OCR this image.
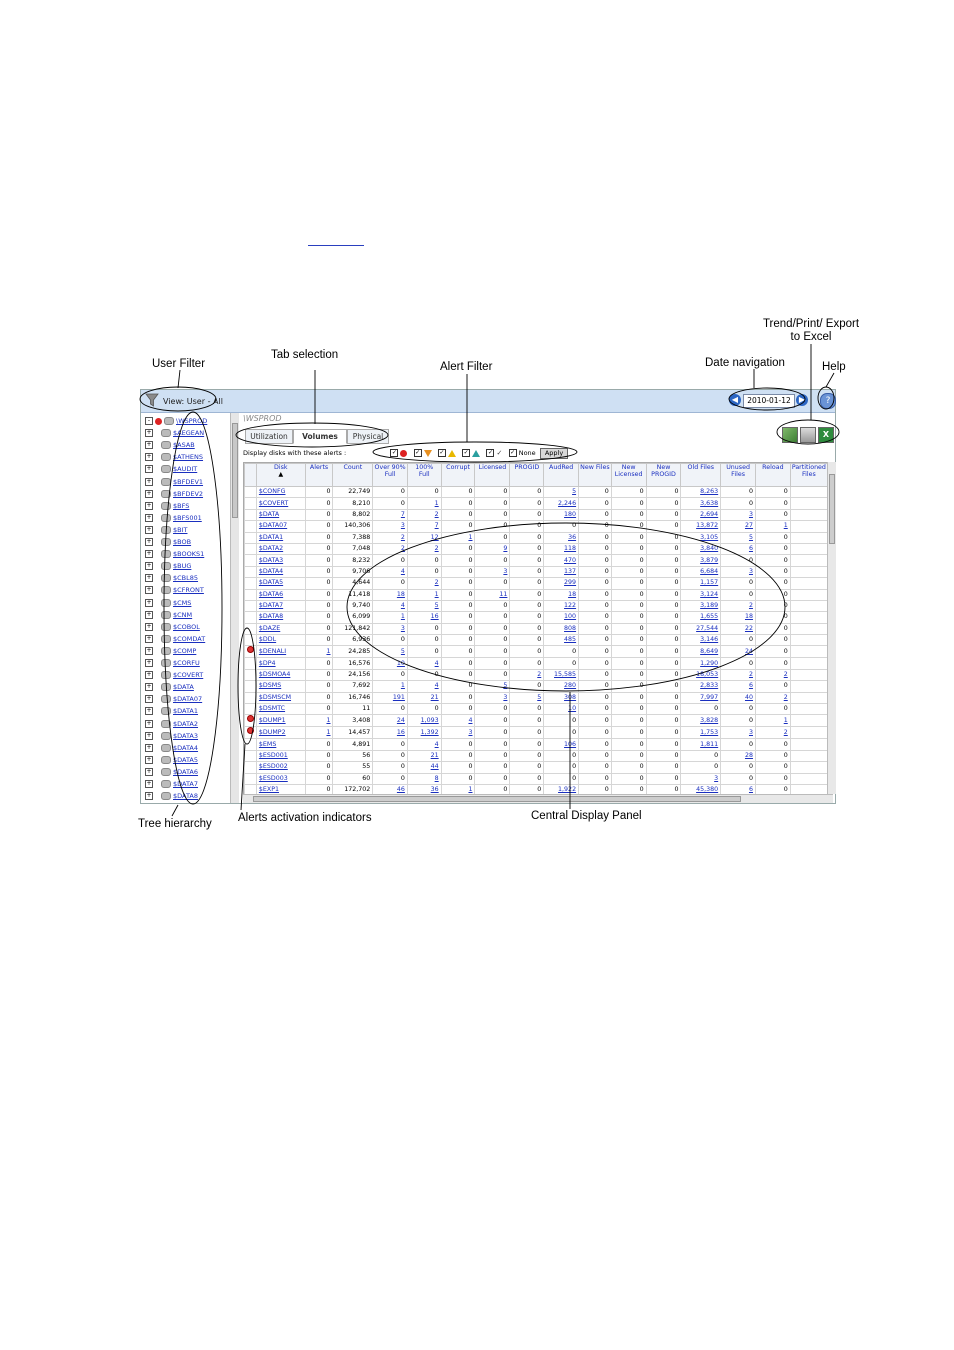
Trend/Print/ Export to Excel
User Filter
Tab selection
Alert Filter	Date navigation	Help
Tree hierarchy Alerts activation indicators	Central Display Panel
View: User - All	◀	2010-01-12	▶	?
-	\WSPROD
+	$AEGEAN
+	$ASAB
+	$ATHENS
+	$AUDIT
+	$BFDEV1
+	$BFDEV2
+	$BFS
+	$BFS001
+	$BIT
+	$BOB
+	$BOOKS1
+	$BUG
+	$CBL85
+	$CFRONT
+	$CMS
+	$CNM
+	$COBOL
+	$COMDAT
+	$COMP
+	$CORFU
+	$COVERT
+	$DATA
+	$DATA07
+	$DATA1
+	$DATA2
+	$DATA3
+	$DATA4
+	$DATA5
+	$DATA6
+	$DATA7
+	$DATA8
\WSPROD
Utilization	Volumes	Physical	X
Display disks with these alerts :	✓	✓	✓	✓	✓ ✓ ✓ None Apply
	Disk
▲	Alerts	Count	Over 90% Full	100% Full	Corrupt	Licensed	PROGID	AudRed	New Files	New Licensed	New PROGID	Old Files	Unused Files	Reload	Partitioned Files
	$CONFG	0	22,749	0	0	0	0	0	5	0	0	0	8,263	0	0	
	$COVERT	0	8,210	0	1	0	0	0	2,246	0	0	0	3,638	0	0	
	$DATA	0	8,802	7	2	0	0	0	180	0	0	0	2,694	3	0	
	$DATA07	0	140,306	3	7	0	0	0	0	0	0	0	13,872	27	1	
	$DATA1	0	7,388	2	12	1	0	0	36	0	0	0	3,105	5	0	
	$DATA2	0	7,048	2	2	0	9	0	118	0	0	0	3,840	6	0	
	$DATA3	0	8,232	0	0	0	0	0	470	0	0	0	3,879	0	0	
	$DATA4	0	9,706	4	0	0	3	0	137	0	0	0	6,684	3	0	
	$DATA5	0	4,644	0	2	0	0	0	299	0	0	0	1,157	0	0	
	$DATA6	0	11,418	18	1	0	11	0	18	0	0	0	3,124	0	0	
	$DATA7	0	9,740	4	5	0	0	0	122	0	0	0	3,189	2	0	
	$DATA8	0	6,099	1	16	0	0	0	100	0	0	0	1,655	18	0	
	$DAZE	0	121,842	3	0	0	0	0	808	0	0	0	27,544	22	0	
	$DDL	0	6,936	0	0	0	0	0	485	0	0	0	3,146	0	0	
	$DENALI	1	24,285	5	0	0	0	0	0	0	0	0	8,649	24	0	
	$DP4	0	16,576	10	4	0	0	0	0	0	0	0	1,290	0	0	
	$DSMOA4	0	24,156	0	0	0	0	2	15,585	0	0	0	18,053	2	2	
	$DSMS	0	7,692	1	4	0	5	0	280	0	0	0	2,833	6	0	
	$DSMSCM	0	16,746	191	21	0	3	5	308	0	0	0	7,997	40	2	
	$DSMTC	0	11	0	0	0	0	0	10	0	0	0	0	0	0	
	$DUMP1	1	3,408	24	1,093	4	0	0	0	0	0	0	3,828	0	1	
	$DUMP2	1	14,457	16	1,392	3	0	0	0	0	0	0	1,753	3	2	
	$EMS	0	4,891	0	4	0	0	0	106	0	0	0	1,811	0	0	
	$ESD001	0	56	0	21	0	0	0	0	0	0	0	0	28	0	
	$ESD002	0	55	0	44	0	0	0	0	0	0	0	0	0	0	
	$ESD003	0	60	0	8	0	0	0	0	0	0	0	3	0	0	
	$EXP1	0	172,702	46	36	1	0	0	1,922	0	0	0	45,380	6	0	
